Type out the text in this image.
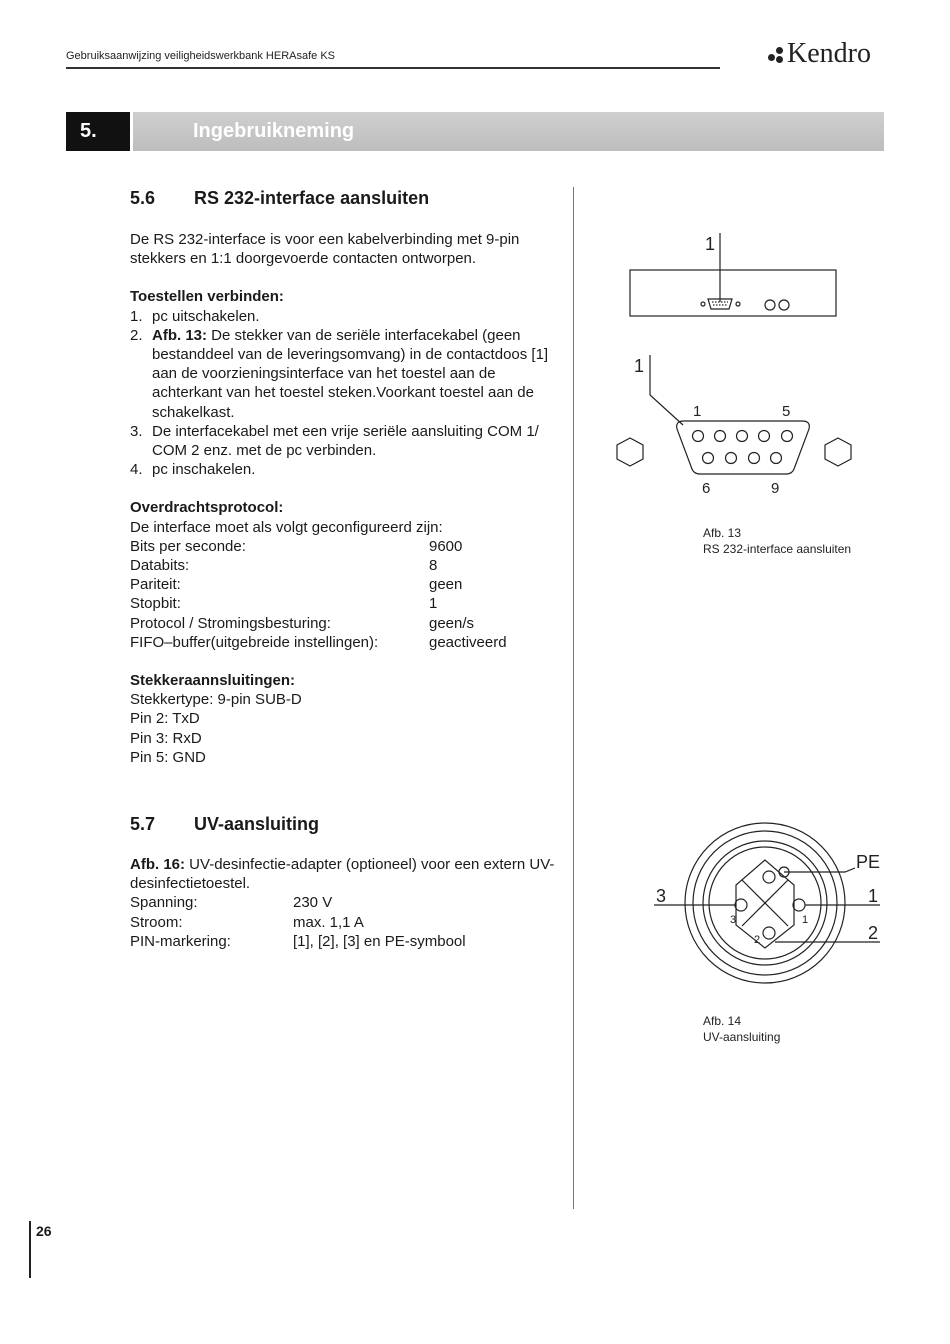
Gebruiksaanwijzing veiligheidswerkbank HERAsafe KS	Kendro
5.	Ingebruikneming
5.6 RS 232-interface aansluiten

De RS 232-interface is voor een kabelverbinding met 9-pin stekkers en 1:1 doorgevoerde contacten ontworpen.

Toestellen verbinden:

1. pc uitschakelen.
2. Afb. 13: De stekker van de seriële interfacekabel (geen bestanddeel van de leveringsomvang) in de contactdoos [1] aan de voorzieningsinterface van het toestel aan de achterkant van het toestel steken.Voorkant toestel aan de schakelkast.
3. De interfacekabel met een vrije seriële aansluiting COM 1/ COM 2 enz. met de pc verbinden.
4. pc inschakelen.

Overdrachtsprotocol:

De interface moet als volgt geconfigureerd zijn:

Bits per seconde:	9600
Databits:	8
Pariteit:	geen
Stopbit:	1
Protocol / Stromingsbesturing:	geen/s
FIFO–buffer(uitgebreide instellingen):	geactiveerd

Stekkeraannsluitingen:

Stekkertype: 9-pin SUB-D
Pin 2: TxD
Pin 3: RxD
Pin 5: GND
5.7 UV-aansluiting

Afb. 16: UV-desinfectie-adapter (optioneel) voor een extern UV-desinfectietoestel.

Spanning:	230 V
Stroom:	max. 1,1 A
PIN-markering:	[1], [2], [3] en PE-symbool
1
1
1	5
6	9
Afb. 13
RS 232-interface aansluiten
PE
3	1
2
3	1
2
Afb. 14
UV-aansluiting
26
